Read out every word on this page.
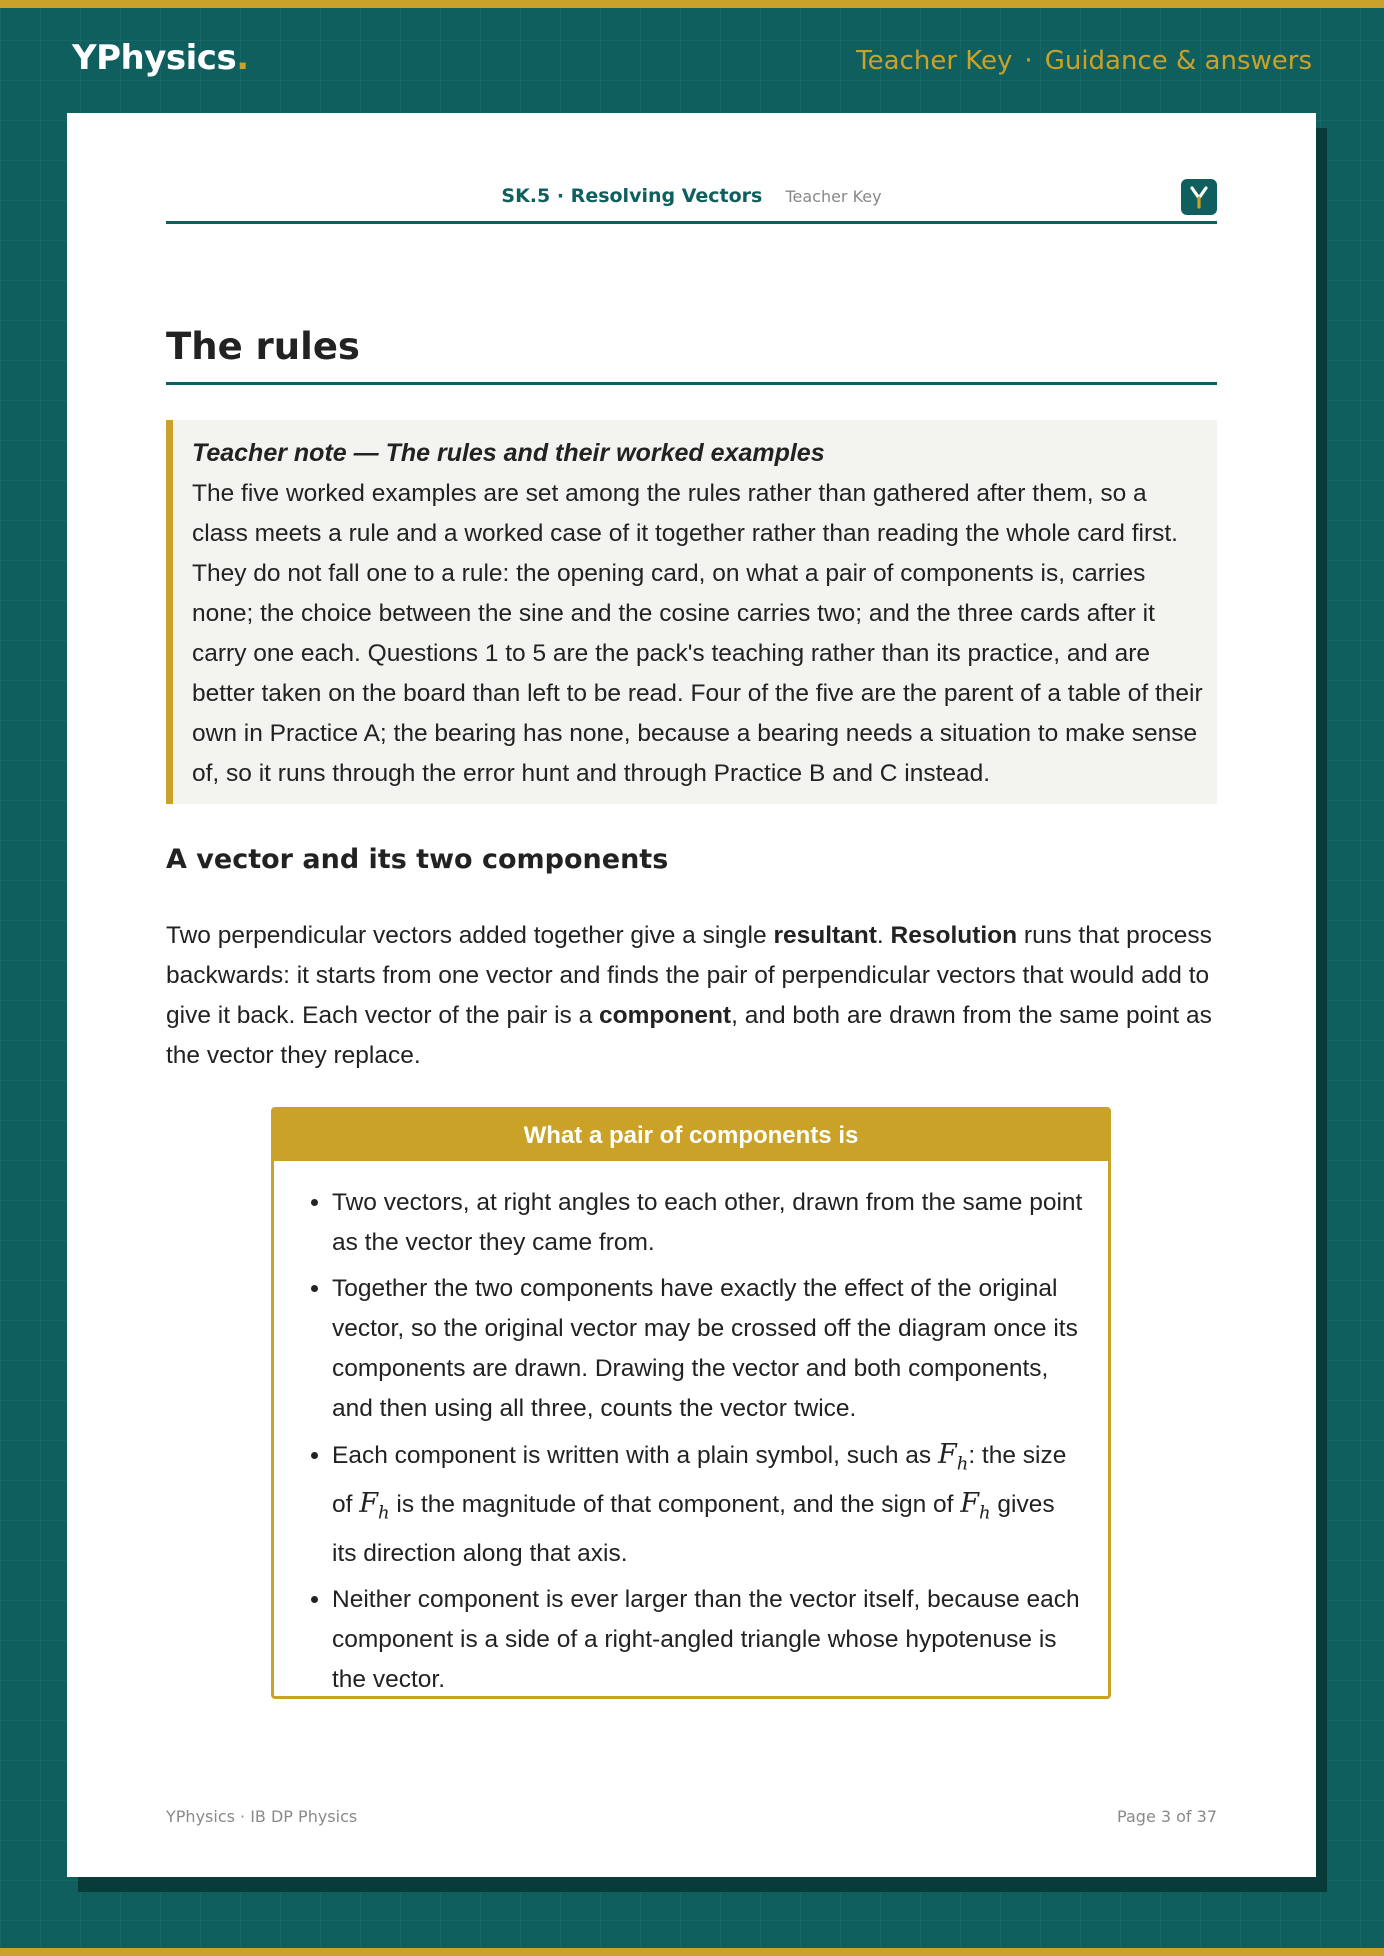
YPhysics.	Teacher Key · Guidance & answers
SK.5 · Resolving Vectors Teacher Key
The rules
Teacher note — The rules and their worked examples
The five worked examples are set among the rules rather than gathered after them, so a class meets a rule and a worked case of it together rather than reading the whole card first. They do not fall one to a rule: the opening card, on what a pair of components is, carries none; the choice between the sine and the cosine carries two; and the three cards after it carry one each. Questions 1 to 5 are the pack's teaching rather than its practice, and are better taken on the board than left to be read. Four of the five are the parent of a table of their own in Practice A; the bearing has none, because a bearing needs a situation to make sense of, so it runs through the error hunt and through Practice B and C instead.
A vector and its two components
Two perpendicular vectors added together give a single resultant. Resolution runs that process backwards: it starts from one vector and finds the pair of perpendicular vectors that would add to give it back. Each vector of the pair is a component, and both are drawn from the same point as the vector they replace.
What a pair of components is
• Two vectors, at right angles to each other, drawn from the same point as the vector they came from.
• Together the two components have exactly the effect of the original vector, so the original vector may be crossed off the diagram once its components are drawn. Drawing the vector and both components, and then using all three, counts the vector twice.
• Each component is written with a plain symbol, such as $F_h$: the size of $F_h$ is the magnitude of that component, and the sign of $F_h$ gives its direction along that axis.
• Neither component is ever larger than the vector itself, because each component is a side of a right-angled triangle whose hypotenuse is the vector.
YPhysics · IB DP Physics	Page 3 of 37
